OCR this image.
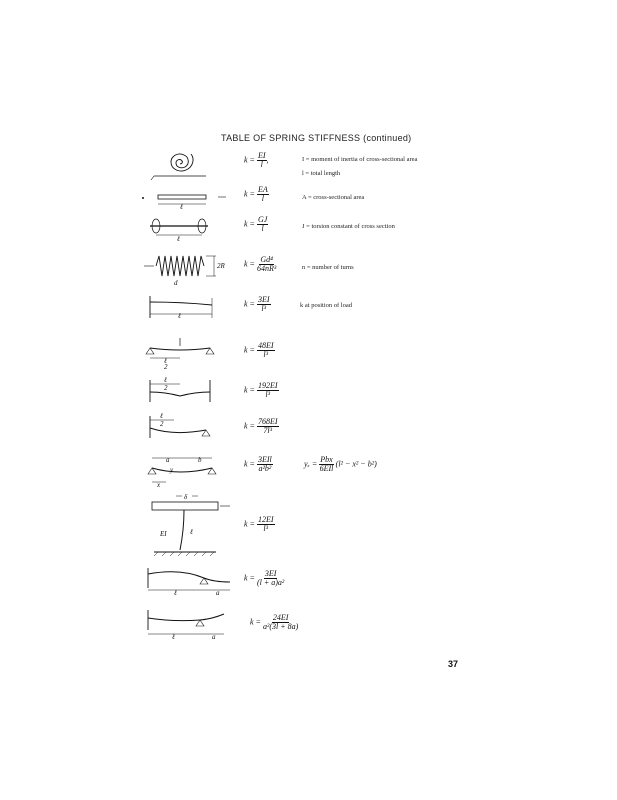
TABLE OF SPRING STIFFNESS (continued)
$k = \frac{EI}{l}$ ,	I = moment of inertia of cross-sectional area
l = total length
ℓ
$k = \frac{EA}{l}$	A = cross-sectional area
ℓ
$k = \frac{GJ}{l}$	J = torsion constant of cross section
2R
d
$k = \frac{\text{Gd⁴}}{\text{64nR³}}$	n = number of turns
ℓ
$k = \frac{3EI}{\text{l³}}$	k at position of load
ℓ
2
$k = \frac{48EI}{\text{l³}}$
ℓ
2	$k = \frac{192EI}{\text{l³}}$
ℓ
2	$k = \frac{768EI}{\text{7l³}}$
a	b
y
x
$k = \frac{\text{3EIl}}{\text{a²b²}}$	$y_x = \frac{\text{Pbx}}{\text{6EIl}} (l^2 - x^2 - b^2)$
δ
EI	ℓ
$k = \frac{12EI}{\text{l³}}$
ℓ	a
$k = \frac{3EI}{\text{(l + a)a²}}$
ℓ	a
$k = \frac{24EI}{\text{a²(3l + 8a)}}$
37
